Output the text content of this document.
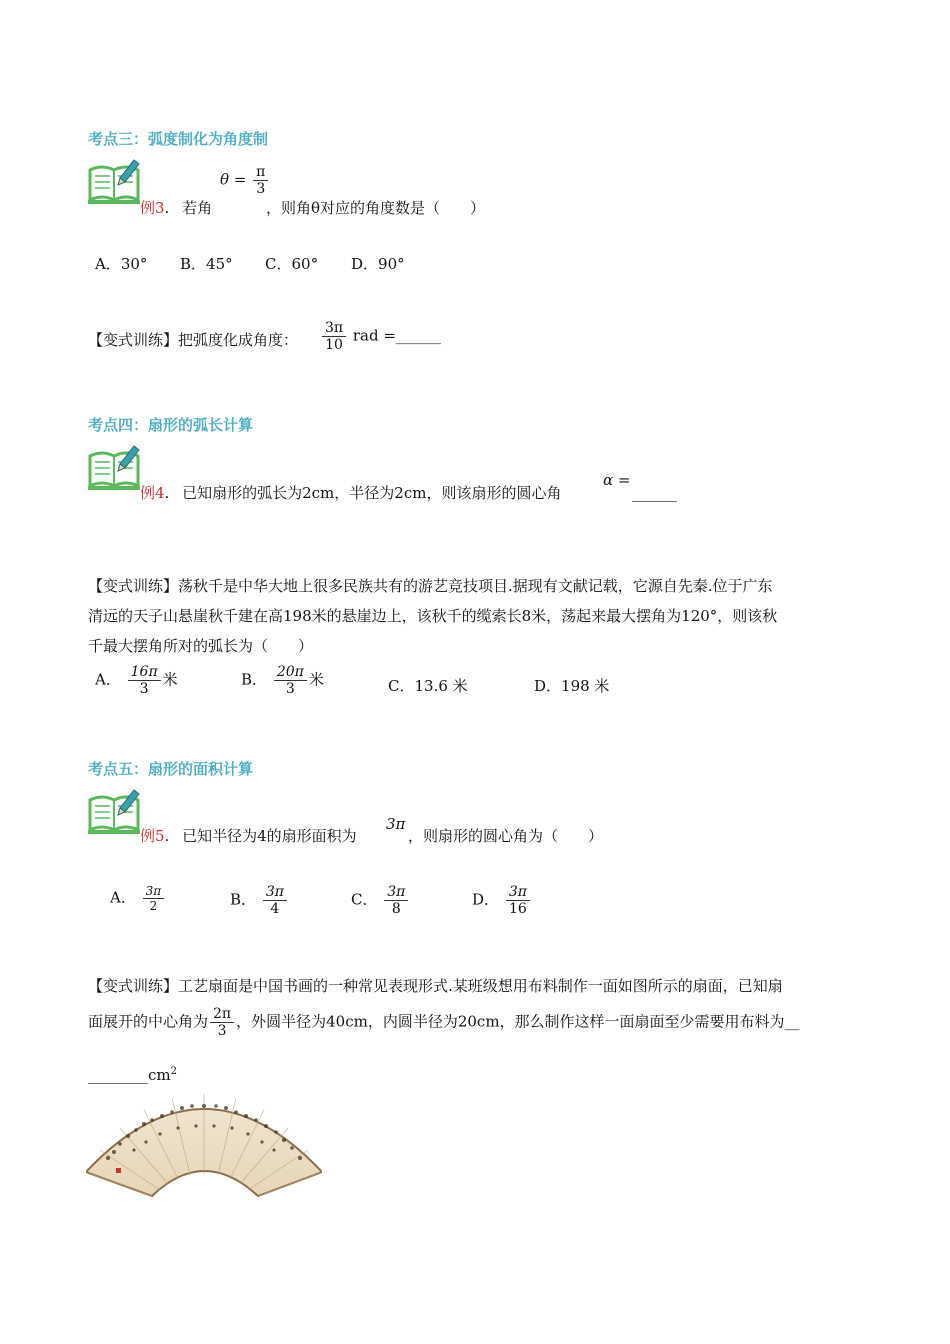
考点三：弧度制化为角度制
例3. 若角
$\theta = \frac{\pi}{3}$
，则角θ对应的角度数是（　　）
A．30° B．45° C．60° D．90°
【变式训练】把弧度化成角度： $\frac{3\pi}{10}$ rad =______
考点四：扇形的弧长计算
例4. 已知扇形的弧长为2cm，半径为2cm，则该扇形的圆心角
α =
______
【变式训练】荡秋千是中华大地上很多民族共有的游艺竞技项目.据现有文献记载，它源自先秦.位于广东
清远的天子山悬崖秋千建在高198米的悬崖边上，该秋千的缆索长8米，荡起来最大摆角为120°，则该秋
千最大摆角所对的弧长为（　　）
A． $\frac{16\pi}{3}$ 米	B． $\frac{20\pi}{3}$ 米	C．13.6 米	D．198 米
考点五：扇形的面积计算
例5. 已知半径为4的扇形面积为
3π
，则扇形的圆心角为（　　）
A． $\frac{3\pi}{2}$	B． $\frac{3\pi}{4}$	C． $\frac{3\pi}{8}$	D． $\frac{3\pi}{16}$
【变式训练】工艺扇面是中国书画的一种常见表现形式.某班级想用布料制作一面如图所示的扇面，已知扇
面展开的中心角为 $\frac{2\pi}{3}$ ，外圆半径为40cm，内圆半径为20cm，那么制作这样一面扇面至少需要用布料为__
$\_\_\_\_\_\_\_\_cm^2$
